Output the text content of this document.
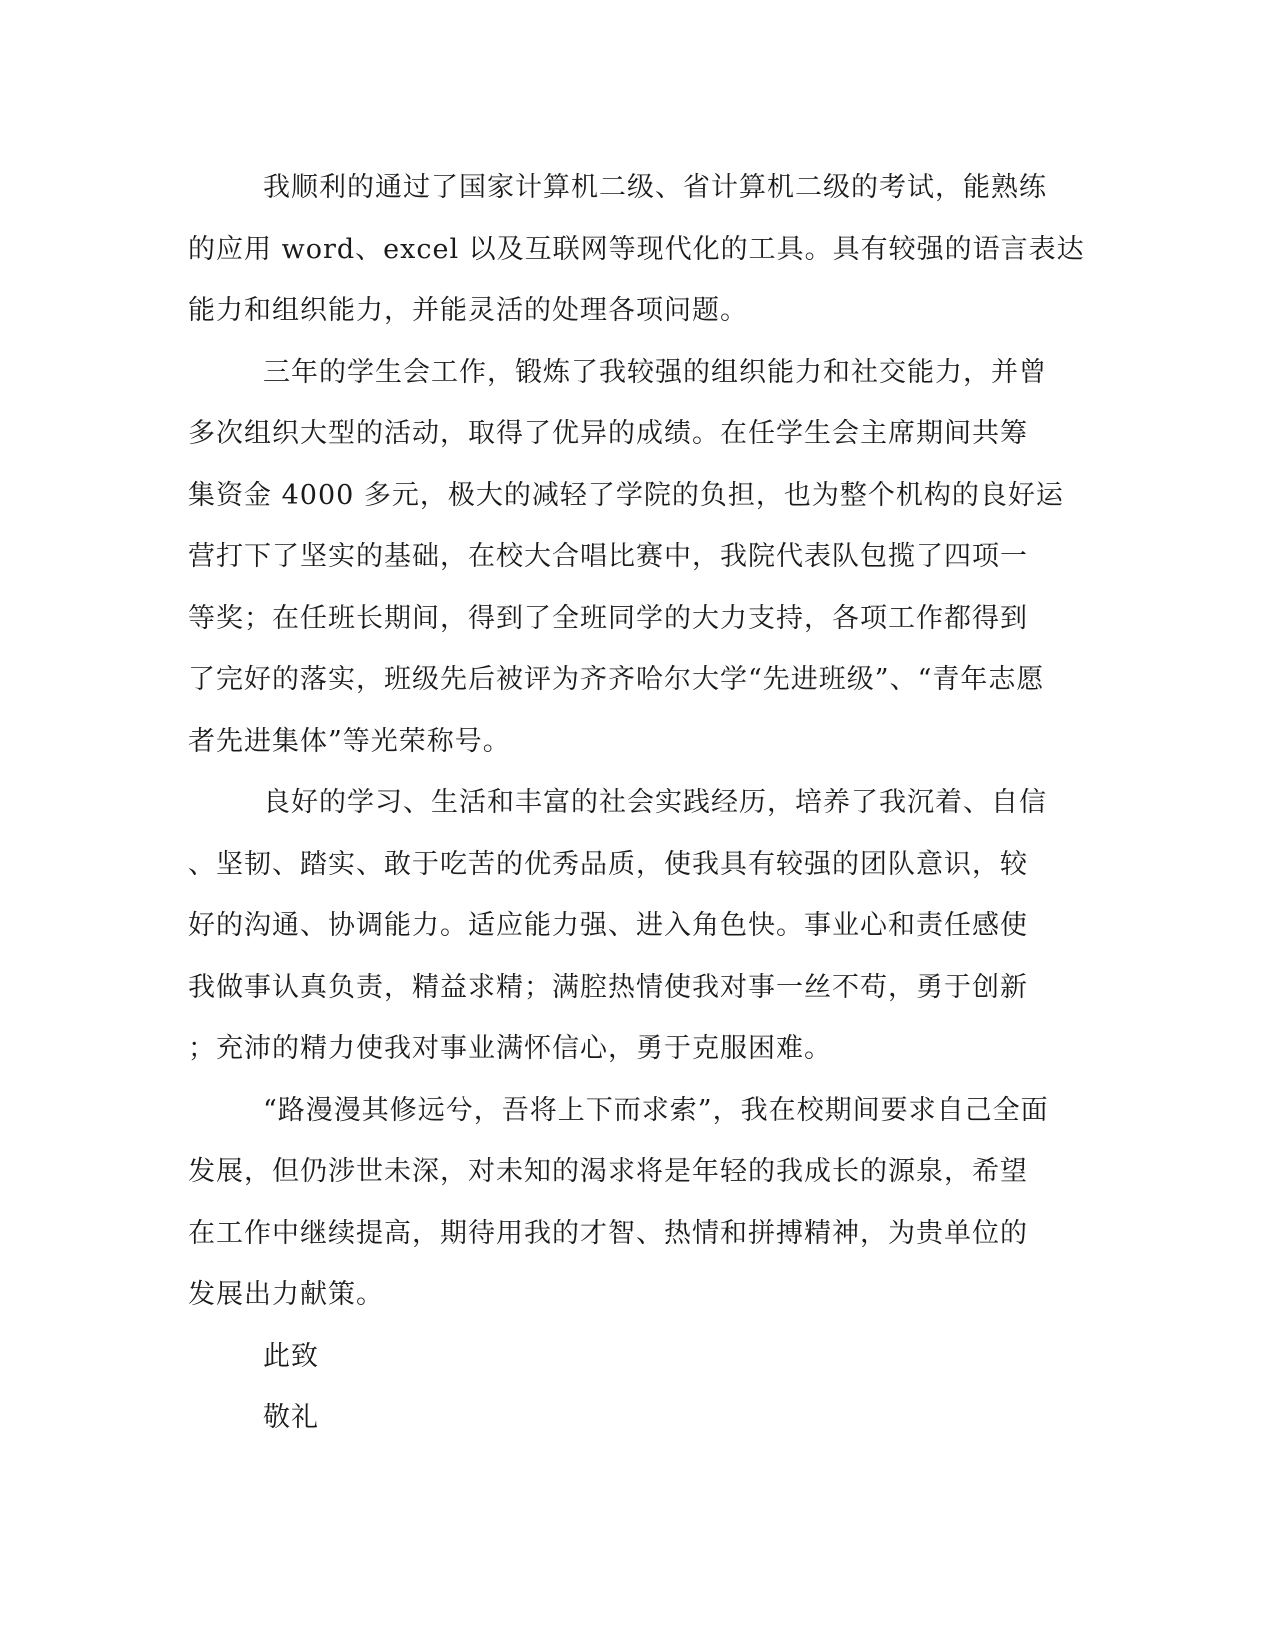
我顺利的通过了国家计算机二级、省计算机二级的考试，能熟练
的应用 word、excel 以及互联网等现代化的工具。具有较强的语言表达
能力和组织能力，并能灵活的处理各项问题。
三年的学生会工作，锻炼了我较强的组织能力和社交能力，并曾
多次组织大型的活动，取得了优异的成绩。在任学生会主席期间共筹
集资金 4000 多元，极大的减轻了学院的负担，也为整个机构的良好运
营打下了坚实的基础，在校大合唱比赛中，我院代表队包揽了四项一
等奖；在任班长期间，得到了全班同学的大力支持，各项工作都得到
了完好的落实，班级先后被评为齐齐哈尔大学“先进班级”、“青年志愿
者先进集体”等光荣称号。
良好的学习、生活和丰富的社会实践经历，培养了我沉着、自信
、坚韧、踏实、敢于吃苦的优秀品质，使我具有较强的团队意识，较
好的沟通、协调能力。适应能力强、进入角色快。事业心和责任感使
我做事认真负责，精益求精；满腔热情使我对事一丝不苟，勇于创新
；充沛的精力使我对事业满怀信心，勇于克服困难。
“路漫漫其修远兮，吾将上下而求索”，我在校期间要求自己全面
发展，但仍涉世未深，对未知的渴求将是年轻的我成长的源泉，希望
在工作中继续提高，期待用我的才智、热情和拼搏精神，为贵单位的
发展出力献策。
此致
敬礼
